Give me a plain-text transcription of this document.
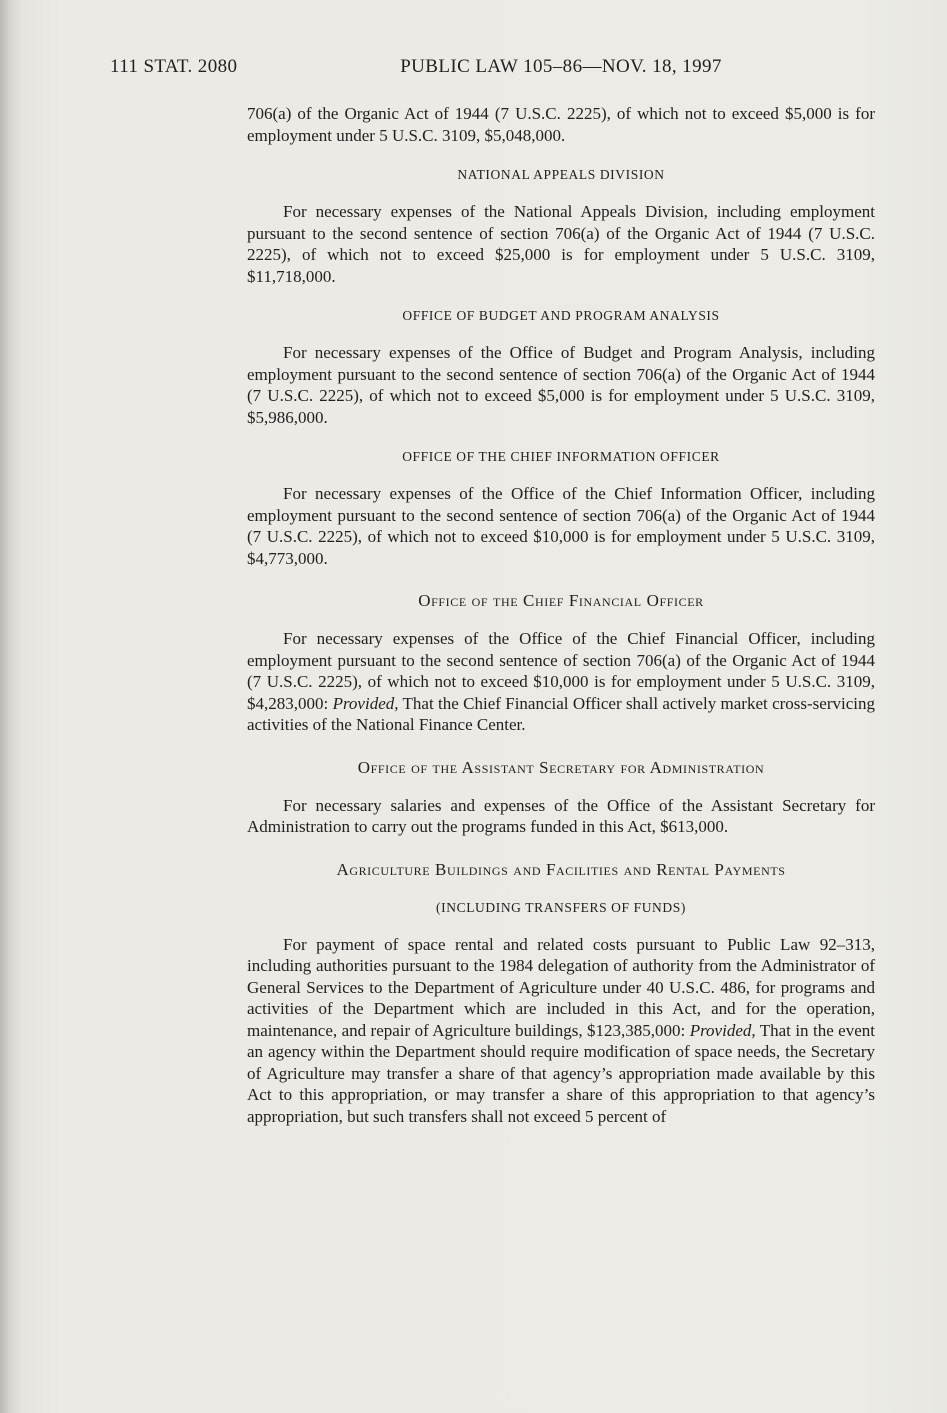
111 STAT. 2080	PUBLIC LAW 105–86—NOV. 18, 1997

706(a) of the Organic Act of 1944 (7 U.S.C. 2225), of which not to exceed $5,000 is for employment under 5 U.S.C. 3109, $5,048,000.

NATIONAL APPEALS DIVISION

For necessary expenses of the National Appeals Division, including employment pursuant to the second sentence of section 706(a) of the Organic Act of 1944 (7 U.S.C. 2225), of which not to exceed $25,000 is for employment under 5 U.S.C. 3109, $11,718,000.

OFFICE OF BUDGET AND PROGRAM ANALYSIS

For necessary expenses of the Office of Budget and Program Analysis, including employment pursuant to the second sentence of section 706(a) of the Organic Act of 1944 (7 U.S.C. 2225), of which not to exceed $5,000 is for employment under 5 U.S.C. 3109, $5,986,000.

OFFICE OF THE CHIEF INFORMATION OFFICER

For necessary expenses of the Office of the Chief Information Officer, including employment pursuant to the second sentence of section 706(a) of the Organic Act of 1944 (7 U.S.C. 2225), of which not to exceed $10,000 is for employment under 5 U.S.C. 3109, $4,773,000.

Office of the Chief Financial Officer

For necessary expenses of the Office of the Chief Financial Officer, including employment pursuant to the second sentence of section 706(a) of the Organic Act of 1944 (7 U.S.C. 2225), of which not to exceed $10,000 is for employment under 5 U.S.C. 3109, $4,283,000: Provided, That the Chief Financial Officer shall actively market cross-servicing activities of the National Finance Center.

Office of the Assistant Secretary for Administration

For necessary salaries and expenses of the Office of the Assistant Secretary for Administration to carry out the programs funded in this Act, $613,000.

Agriculture Buildings and Facilities and Rental Payments
(INCLUDING TRANSFERS OF FUNDS)

For payment of space rental and related costs pursuant to Public Law 92–313, including authorities pursuant to the 1984 delegation of authority from the Administrator of General Services to the Department of Agriculture under 40 U.S.C. 486, for programs and activities of the Department which are included in this Act, and for the operation, maintenance, and repair of Agriculture buildings, $123,385,000: Provided, That in the event an agency within the Department should require modification of space needs, the Secretary of Agriculture may transfer a share of that agency’s appropriation made available by this Act to this appropriation, or may transfer a share of this appropriation to that agency’s appropriation, but such transfers shall not exceed 5 percent of
